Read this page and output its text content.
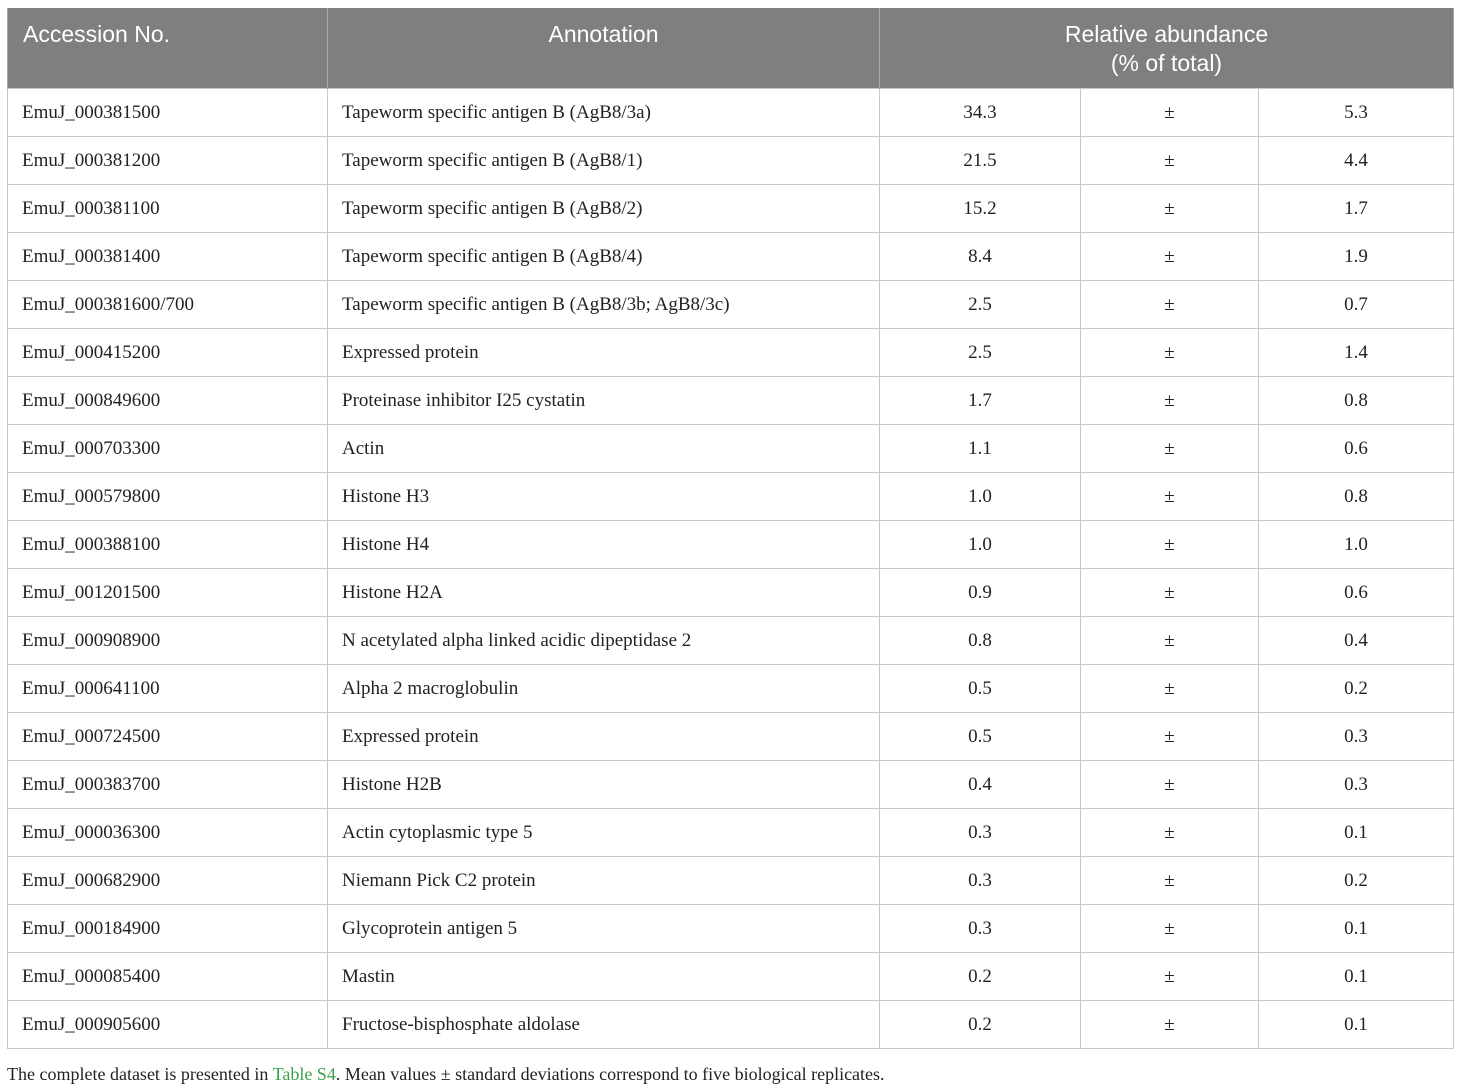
Accession No.	Annotation	Relative abundance
(% of total)		

EmuJ_000381500	Tapeworm specific antigen B (AgB8/3a)	34.3	±	5.3
EmuJ_000381200	Tapeworm specific antigen B (AgB8/1)	21.5	±	4.4
EmuJ_000381100	Tapeworm specific antigen B (AgB8/2)	15.2	±	1.7
EmuJ_000381400	Tapeworm specific antigen B (AgB8/4)	8.4	±	1.9
EmuJ_000381600/700	Tapeworm specific antigen B (AgB8/3b; AgB8/3c)	2.5	±	0.7
EmuJ_000415200	Expressed protein	2.5	±	1.4
EmuJ_000849600	Proteinase inhibitor I25 cystatin	1.7	±	0.8
EmuJ_000703300	Actin	1.1	±	0.6
EmuJ_000579800	Histone H3	1.0	±	0.8
EmuJ_000388100	Histone H4	1.0	±	1.0
EmuJ_001201500	Histone H2A	0.9	±	0.6
EmuJ_000908900	N acetylated alpha linked acidic dipeptidase 2	0.8	±	0.4
EmuJ_000641100	Alpha 2 macroglobulin	0.5	±	0.2
EmuJ_000724500	Expressed protein	0.5	±	0.3
EmuJ_000383700	Histone H2B	0.4	±	0.3
EmuJ_000036300	Actin cytoplasmic type 5	0.3	±	0.1
EmuJ_000682900	Niemann Pick C2 protein	0.3	±	0.2
EmuJ_000184900	Glycoprotein antigen 5	0.3	±	0.1
EmuJ_000085400	Mastin	0.2	±	0.1
EmuJ_000905600	Fructose-bisphosphate aldolase	0.2	±	0.1
The complete dataset is presented in Table S4. Mean values ± standard deviations correspond to five biological replicates.
